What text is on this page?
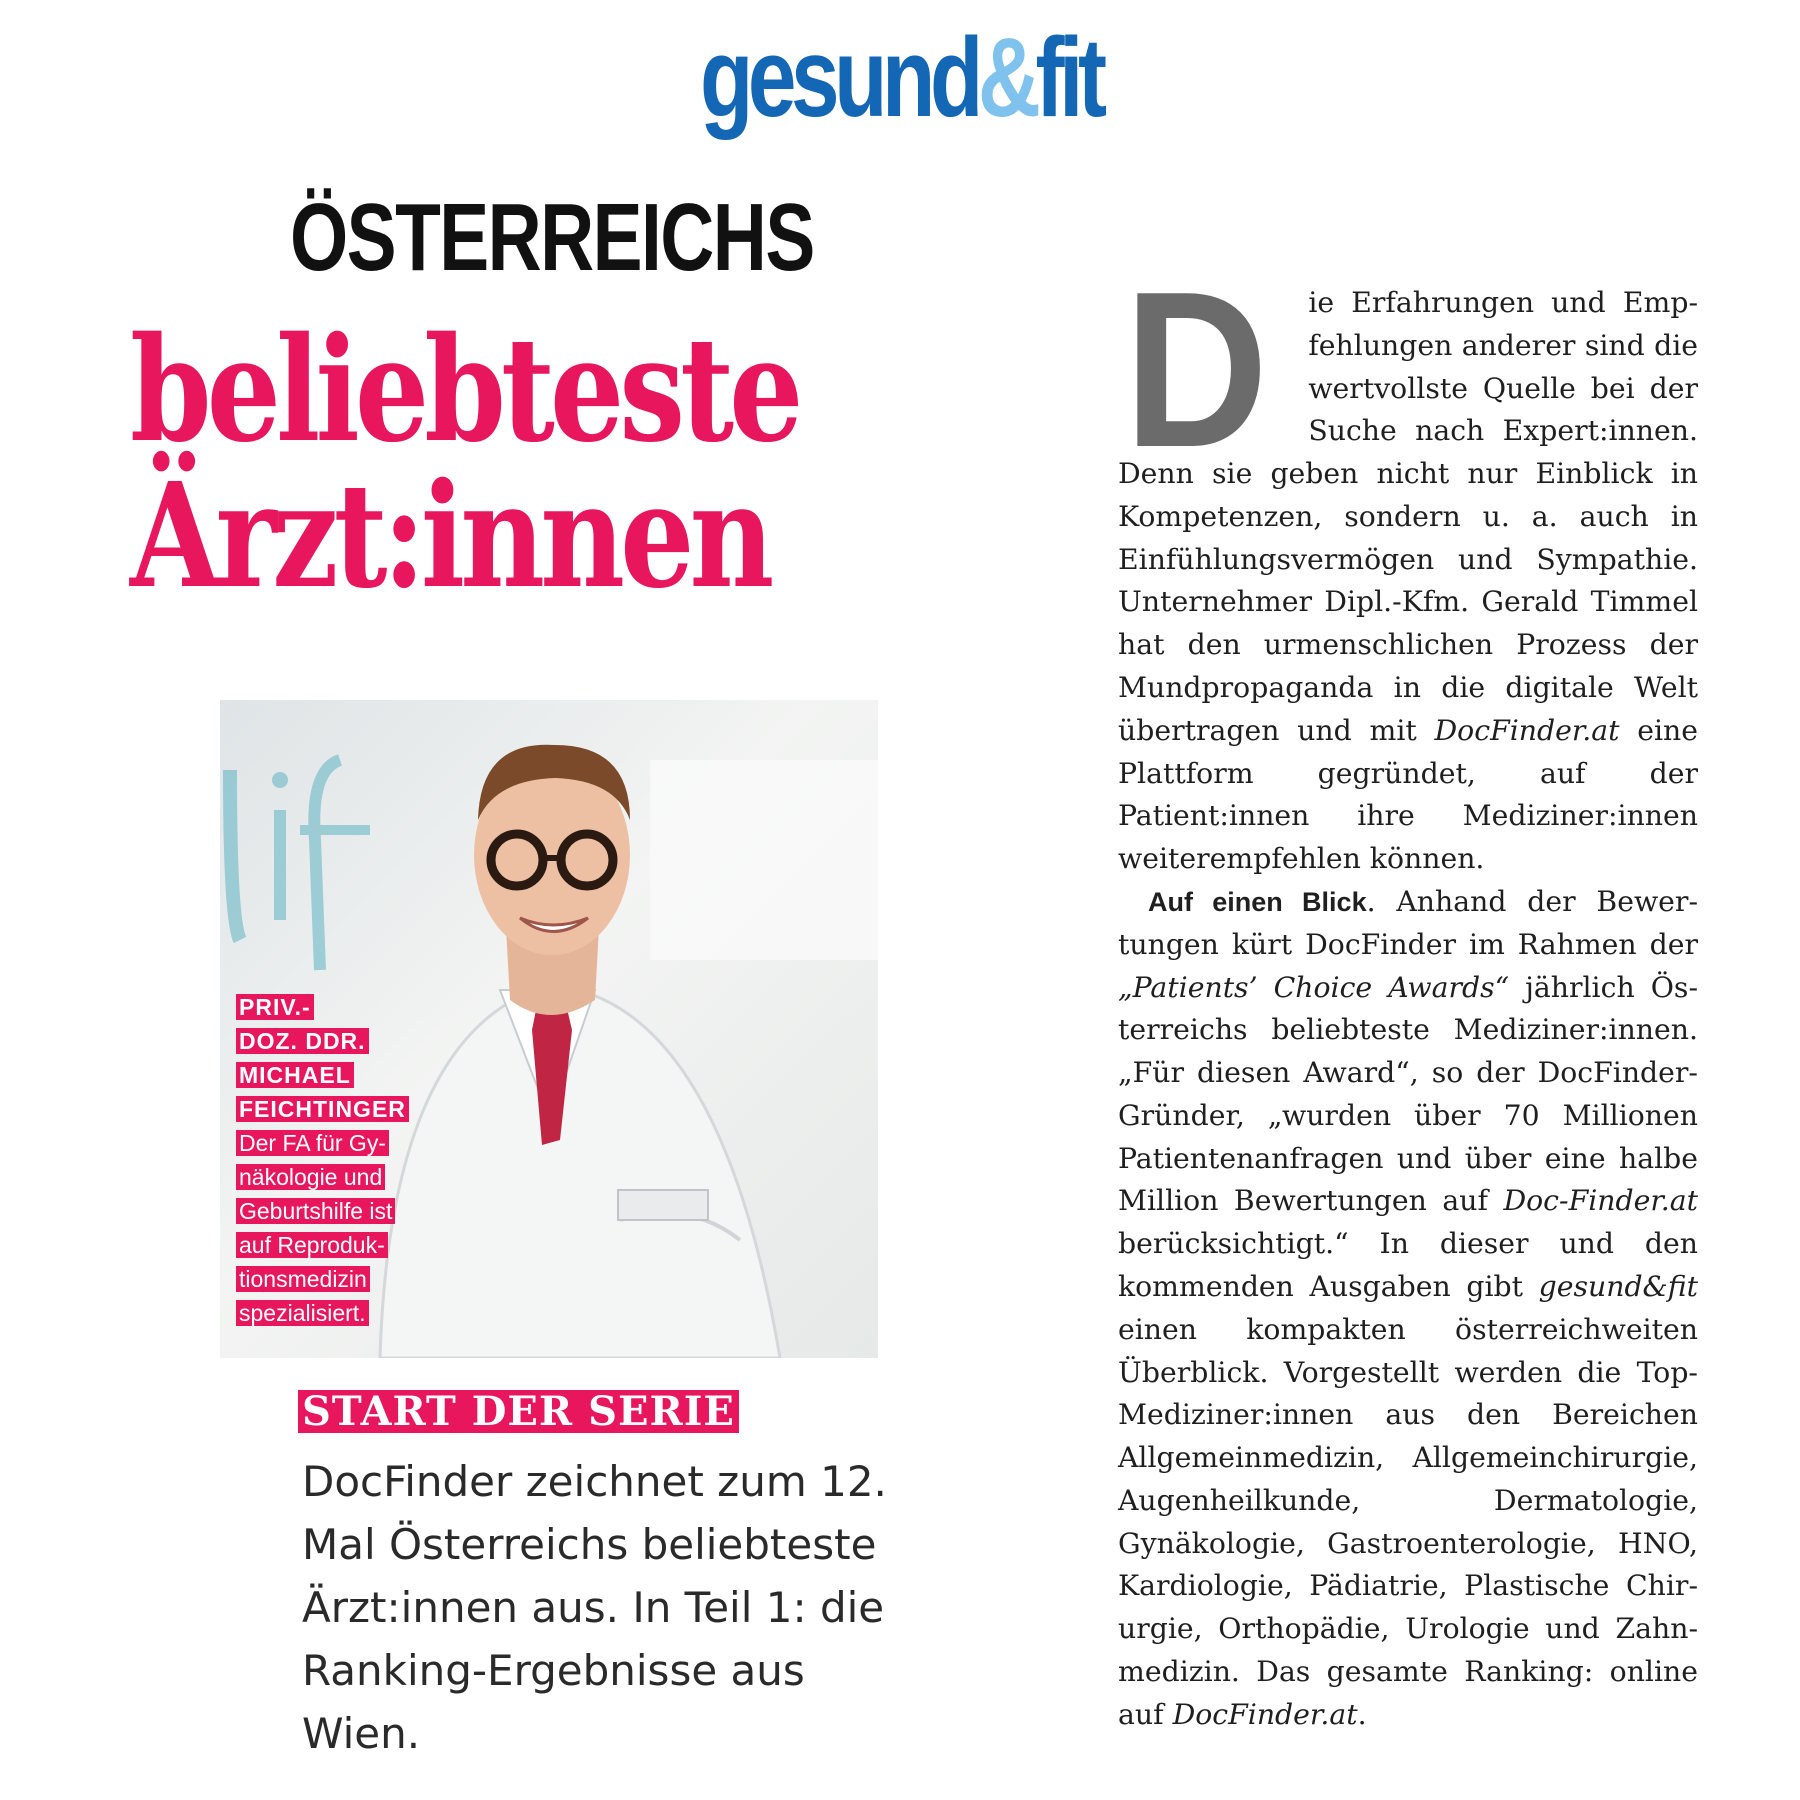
gesund&fit
ÖSTERREICHS
beliebteste
Ärzt:innen
PRIV.-
DOZ. DDR.
MICHAEL
FEICHTINGER
Der FA für Gy-
näkologie und
Geburtshilfe ist
auf Reproduk-
tionsmedizin
spezialisiert.
START DER SERIE

DocFinder zeichnet zum 12. Mal Österreichs beliebteste Ärzt:innen aus. In Teil 1: die Ranking-Ergebnisse aus Wien.

D ie Erfahrungen und Empfehlungen anderer sind die wertvollste Quelle bei der Suche nach Expert:innen. Denn sie geben nicht nur Einblick in Kompetenzen, sondern u. a. auch in Einfühlungsvermögen und Sympathie. Unternehmer Dipl.-Kfm. Gerald Timmel hat den urmenschlichen Prozess der Mundpropaganda in die digitale Welt übertragen und mit DocFinder.at eine Plattform gegründet, auf der Patient:innen ihre Mediziner:innen weiterempfehlen können.

Auf einen Blick. Anhand der Bewertungen kürt DocFinder im Rahmen der „Patients’ Choice Awards“ jährlich Österreichs beliebteste Mediziner:innen. „Für diesen Award“, so der DocFinder-Gründer, „wurden über 70 Millionen Patientenanfragen und über eine halbe Million Bewertungen auf Doc-Finder.at berücksichtigt.“ In dieser und den kommenden Ausgaben gibt gesund&fit einen kompakten österreichweiten Überblick. Vorgestellt werden die Top-Mediziner:innen aus den Bereichen Allgemeinmedizin, Allgemeinchirurgie, Augenheilkunde, Dermatologie, Gynäkologie, Gastroenterologie, HNO, Kardiologie, Pädiatrie, Plastische Chirurgie, Orthopädie, Urologie und Zahnmedizin. Das gesamte Ranking: online auf DocFinder.at.
